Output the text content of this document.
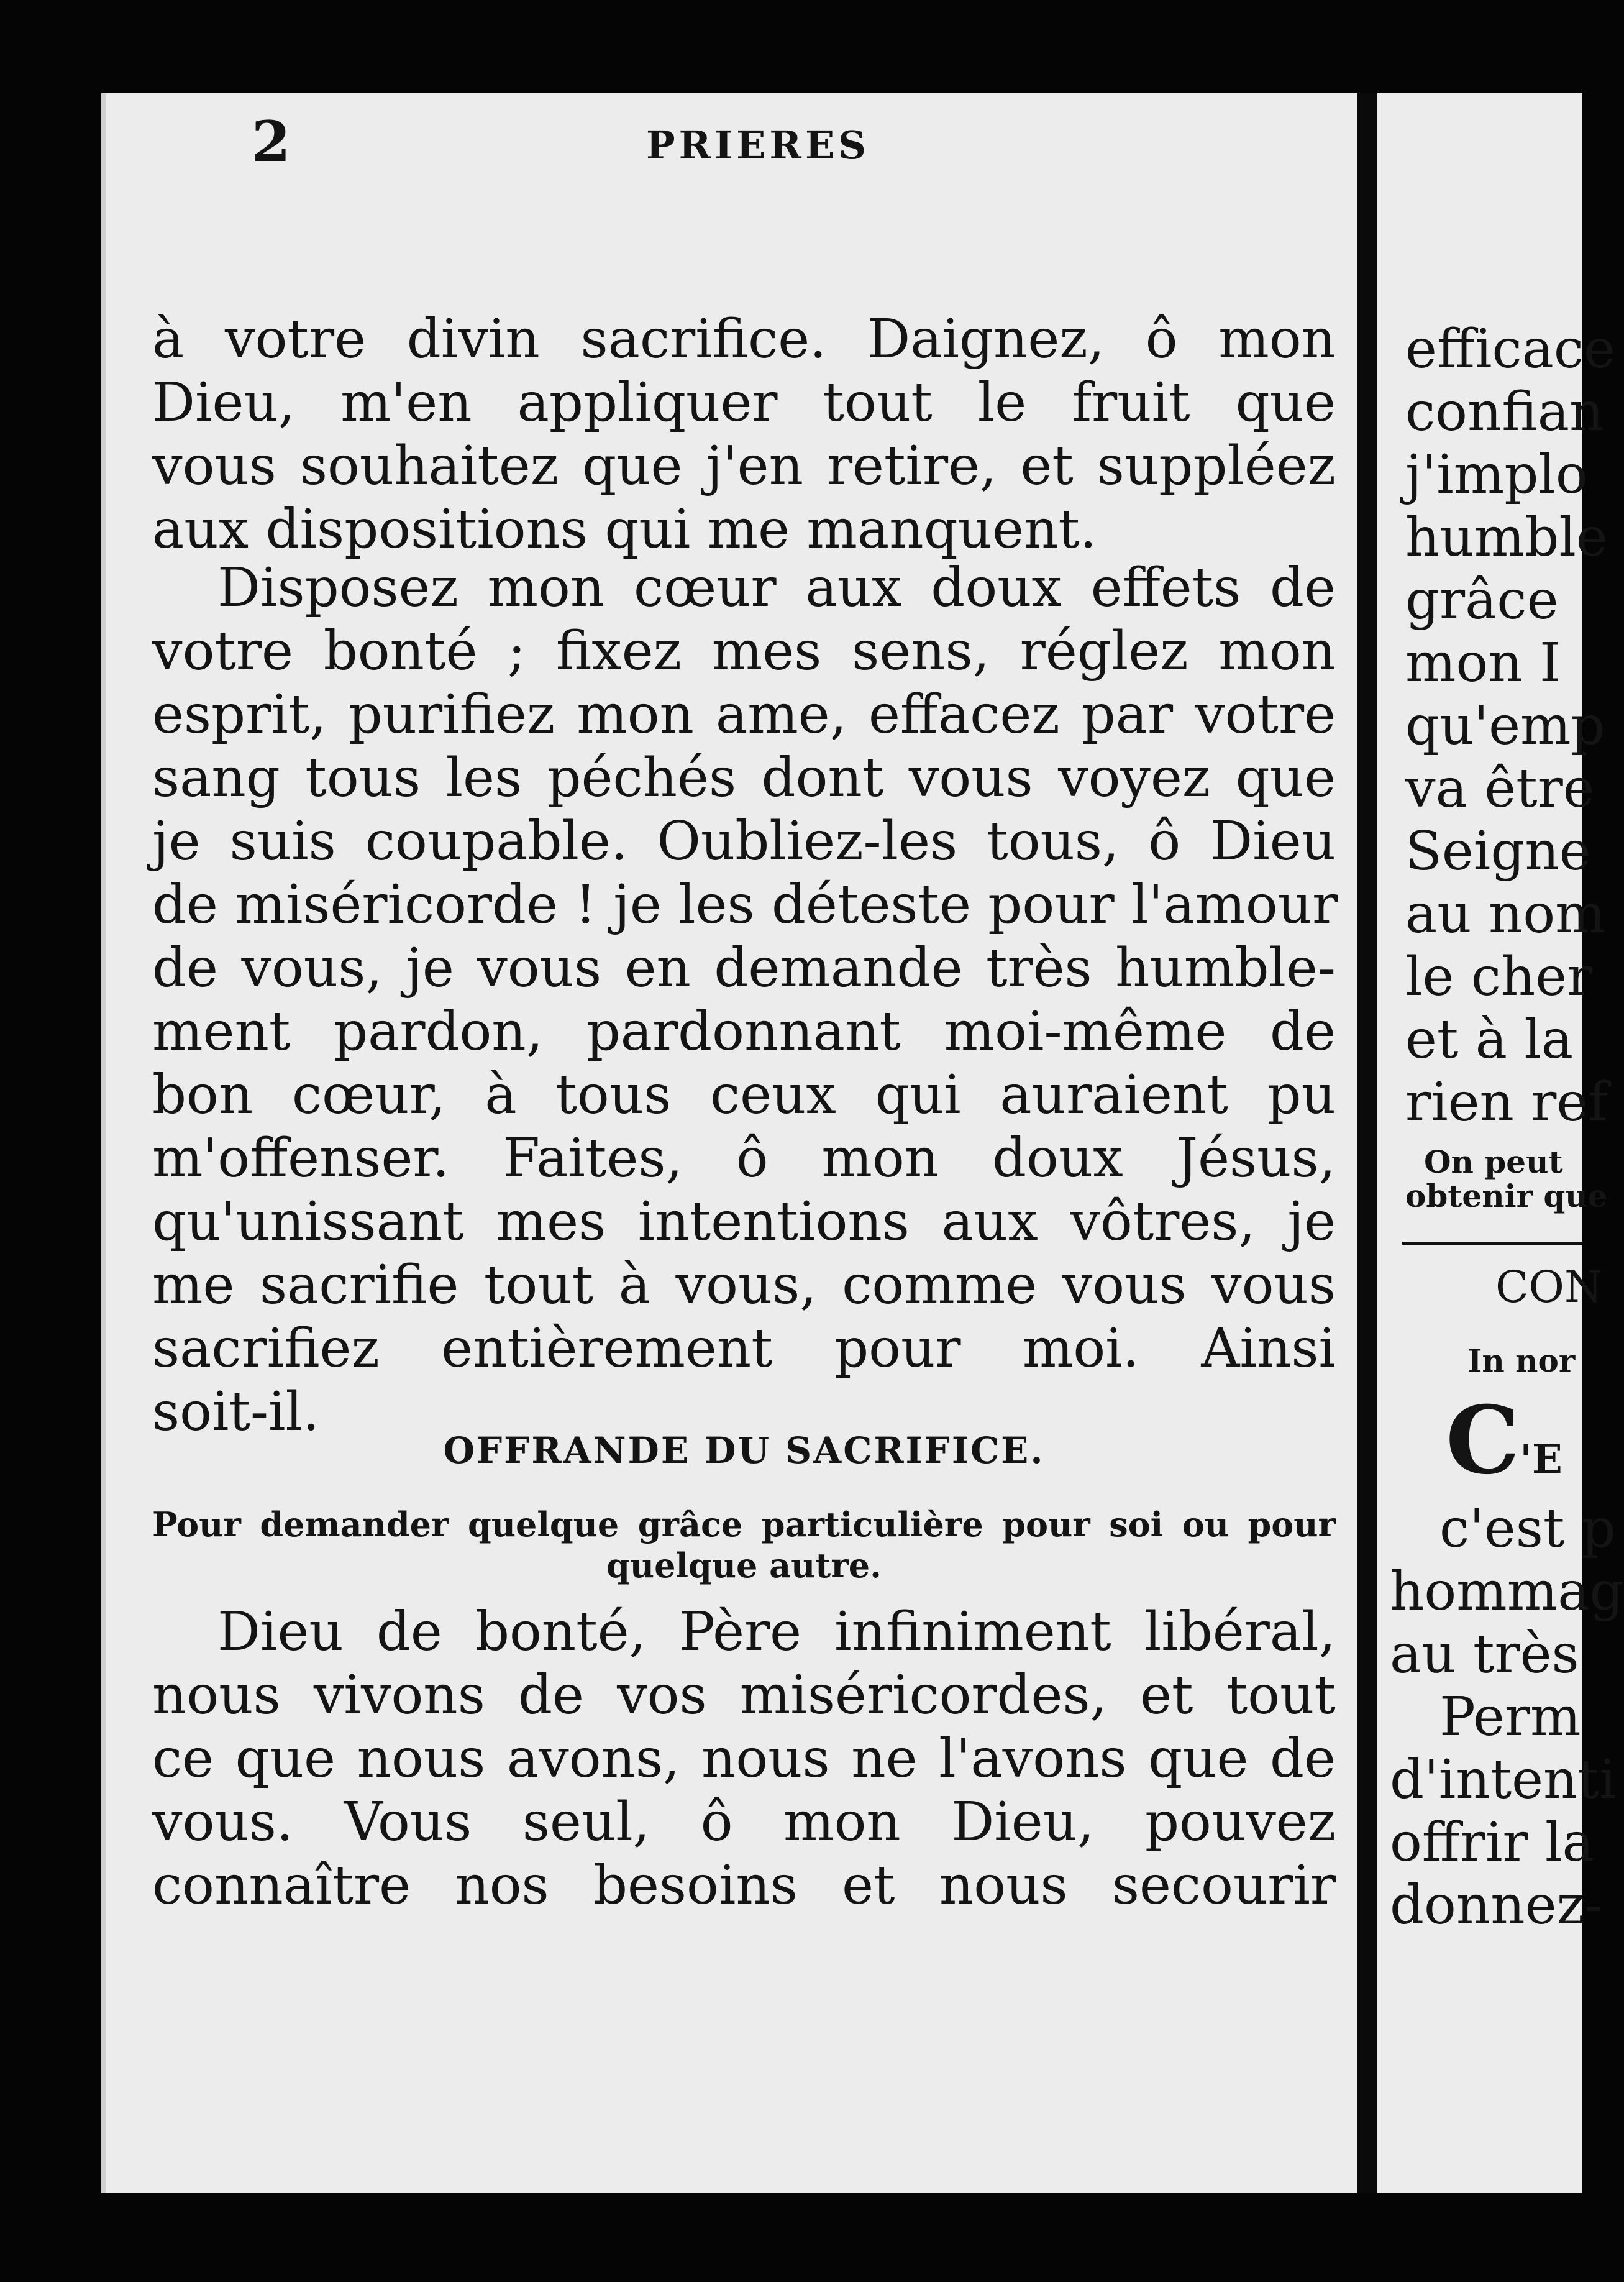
efficace
confian
j'implo
humble
grâce
mon I
qu'emp
va être
Seigne
au nom
le cher
et à la
rien ref
On peut
obtenir que
CON
In nor
C'E
c'est p
hommag
au très
Perm
d'intenti
offrir la
donnez-
2	PRIERES
à votre divin sacrifice. Daignez, ô mon
Dieu, m'en appliquer tout le fruit que
vous souhaitez que j'en retire, et suppléez
aux dispositions qui me manquent.
Disposez mon cœur aux doux effets de
votre bonté ; fixez mes sens, réglez mon
esprit, purifiez mon ame, effacez par votre
sang tous les péchés dont vous voyez que
je suis coupable. Oubliez-les tous, ô Dieu
de miséricorde ! je les déteste pour l'amour
de vous, je vous en demande très humble-
ment pardon, pardonnant moi-même de
bon cœur, à tous ceux qui auraient pu
m'offenser. Faites, ô mon doux Jésus,
qu'unissant mes intentions aux vôtres, je
me sacrifie tout à vous, comme vous vous
sacrifiez entièrement pour moi. Ainsi
soit-il.
OFFRANDE DU SACRIFICE.
Pour demander quelque grâce particulière pour soi ou pour
quelque autre.
Dieu de bonté, Père infiniment libéral,
nous vivons de vos miséricordes, et tout
ce que nous avons, nous ne l'avons que de
vous. Vous seul, ô mon Dieu, pouvez
connaître nos besoins et nous secourir
